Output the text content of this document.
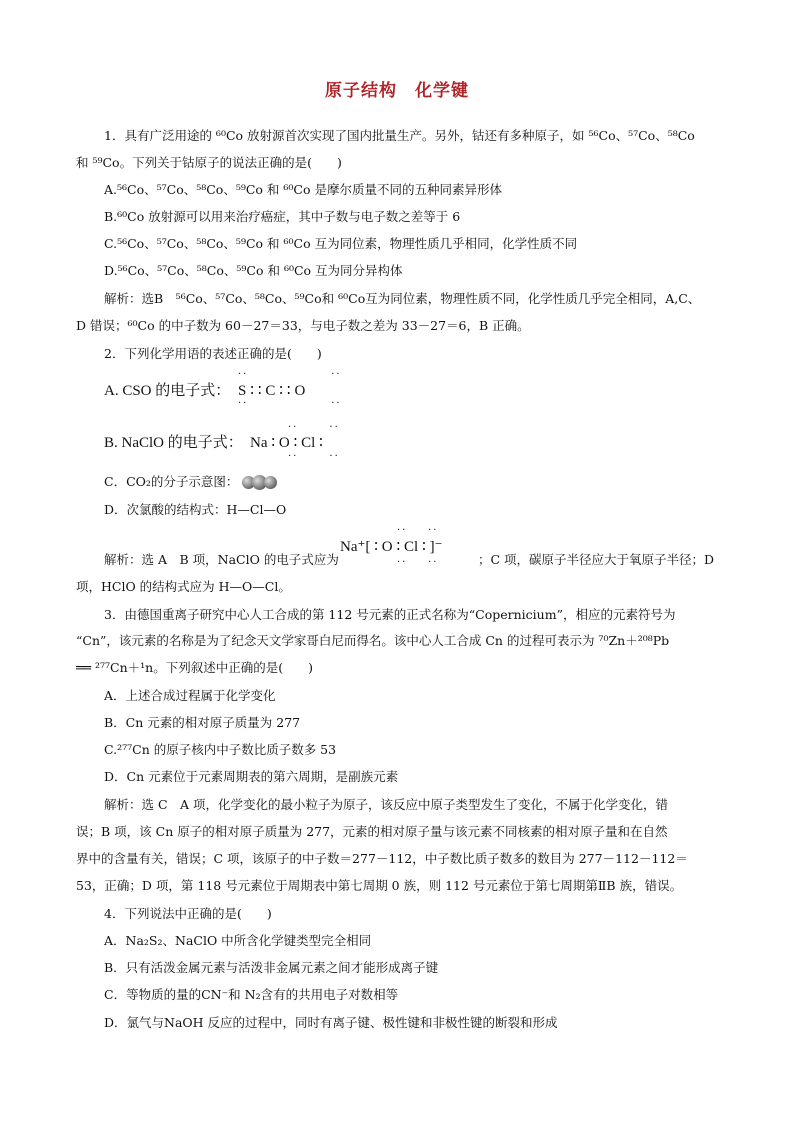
原子结构　化学键
1．具有广泛用途的 ⁶⁰Co 放射源首次实现了国内批量生产。另外，钴还有多种原子，如 ⁵⁶Co、⁵⁷Co、⁵⁸Co
和 ⁵⁹Co。下列关于钴原子的说法正确的是(　　)
A.⁵⁶Co、⁵⁷Co、⁵⁸Co、⁵⁹Co 和 ⁶⁰Co 是摩尔质量不同的五种同素异形体
B.⁶⁰Co 放射源可以用来治疗癌症，其中子数与电子数之差等于 6
C.⁵⁶Co、⁵⁷Co、⁵⁸Co、⁵⁹Co 和 ⁶⁰Co 互为同位素，物理性质几乎相同，化学性质不同
D.⁵⁶Co、⁵⁷Co、⁵⁸Co、⁵⁹Co 和 ⁶⁰Co 互为同分异构体
解析：选B　⁵⁶Co、⁵⁷Co、⁵⁸Co、⁵⁹Co和 ⁶⁰Co互为同位素，物理性质不同，化学性质几乎完全相同，A,C、
D 错误；⁶⁰Co 的中子数为 60－27＝33，与电子数之差为 33－27＝6，B 正确。
2．下列化学用语的表述正确的是(　　)
··                ··
A. CSO 的电子式： S ∶ ∶ C ∶ ∶ O
··                ··
··      ··
B. NaClO 的电子式： Na ∶ O ∶ Cl ∶
··      ··
C．CO₂的分子示意图：
D．次氯酸的结构式：H—Cl—O
··    ··
解析：选 A　B 项，NaClO 的电子式应为
Na⁺[ ∶ O ∶ Cl ∶ ]⁻
；C 项，碳原子半径应大于氧原子半径；D
··    ··
项，HClO 的结构式应为 H—O—Cl。
3．由德国重离子研究中心人工合成的第 112 号元素的正式名称为“Copernicium”，相应的元素符号为
“Cn”，该元素的名称是为了纪念天文学家哥白尼而得名。该中心人工合成 Cn 的过程可表示为 ⁷⁰Zn＋²⁰⁸Pb
══ ²⁷⁷Cn＋¹n。下列叙述中正确的是(　　)
A．上述合成过程属于化学变化
B．Cn 元素的相对原子质量为 277
C.²⁷⁷Cn 的原子核内中子数比质子数多 53
D．Cn 元素位于元素周期表的第六周期，是副族元素
解析：选 C　A 项，化学变化的最小粒子为原子，该反应中原子类型发生了变化，不属于化学变化，错
误；B 项，该 Cn 原子的相对原子质量为 277，元素的相对原子量与该元素不同核素的相对原子量和在自然
界中的含量有关，错误；C 项，该原子的中子数＝277－112，中子数比质子数多的数目为 277－112－112＝
53，正确；D 项，第 118 号元素位于周期表中第七周期 0 族，则 112 号元素位于第七周期第ⅡB 族，错误。
4．下列说法中正确的是(　　)
A．Na₂S₂、NaClO 中所含化学键类型完全相同
B．只有活泼金属元素与活泼非金属元素之间才能形成离子键
C．等物质的量的CN⁻和 N₂含有的共用电子对数相等
D．氯气与NaOH 反应的过程中，同时有离子键、极性键和非极性键的断裂和形成
